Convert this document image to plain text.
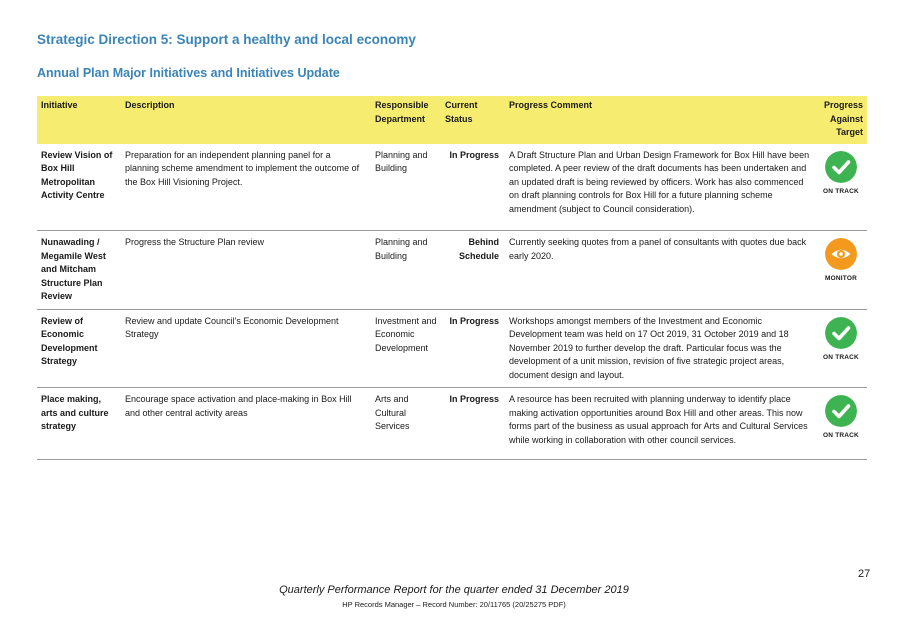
Strategic Direction 5: Support a healthy and local economy
Annual Plan Major Initiatives and Initiatives Update
Initiative	Description	Responsible Department	Current Status	Progress Comment	Progress Against Target
Review Vision of Box Hill Metropolitan Activity Centre	Preparation for an independent planning panel for a planning scheme amendment to implement the outcome of the Box Hill Visioning Project.	Planning and Building	In Progress	A Draft Structure Plan and Urban Design Framework for Box Hill have been completed. A peer review of the draft documents has been undertaken and an updated draft is being reviewed by officers. Work has also commenced on draft planning controls for Box Hill for a future planning scheme amendment (subject to Council consideration).	ON TRACK

Nunawading / Megamile West and Mitcham Structure Plan Review	Progress the Structure Plan review	Planning and Building	Behind Schedule	Currently seeking quotes from a panel of consultants with quotes due back early 2020.	MONITOR

Review of Economic Development Strategy	Review and update Council’s Economic Development Strategy	Investment and Economic Development	In Progress	Workshops amongst members of the Investment and Economic Development team was held on 17 Oct 2019, 31 October 2019 and 18 November 2019 to further develop the draft. Particular focus was the development of a unit mission, revision of five strategic project areas, document design and layout.	ON TRACK

Place making, arts and culture strategy	Encourage space activation and place-making in Box Hill and other central activity areas	Arts and Cultural Services	In Progress	A resource has been recruited with planning underway to identify place making activation opportunities around Box Hill and other areas. This now forms part of the business as usual approach for Arts and Cultural Services while working in collaboration with other council services.	ON TRACK
27
Quarterly Performance Report for the quarter ended 31 December 2019
HP Records Manager – Record Number: 20/11765 (20/25275 PDF)
